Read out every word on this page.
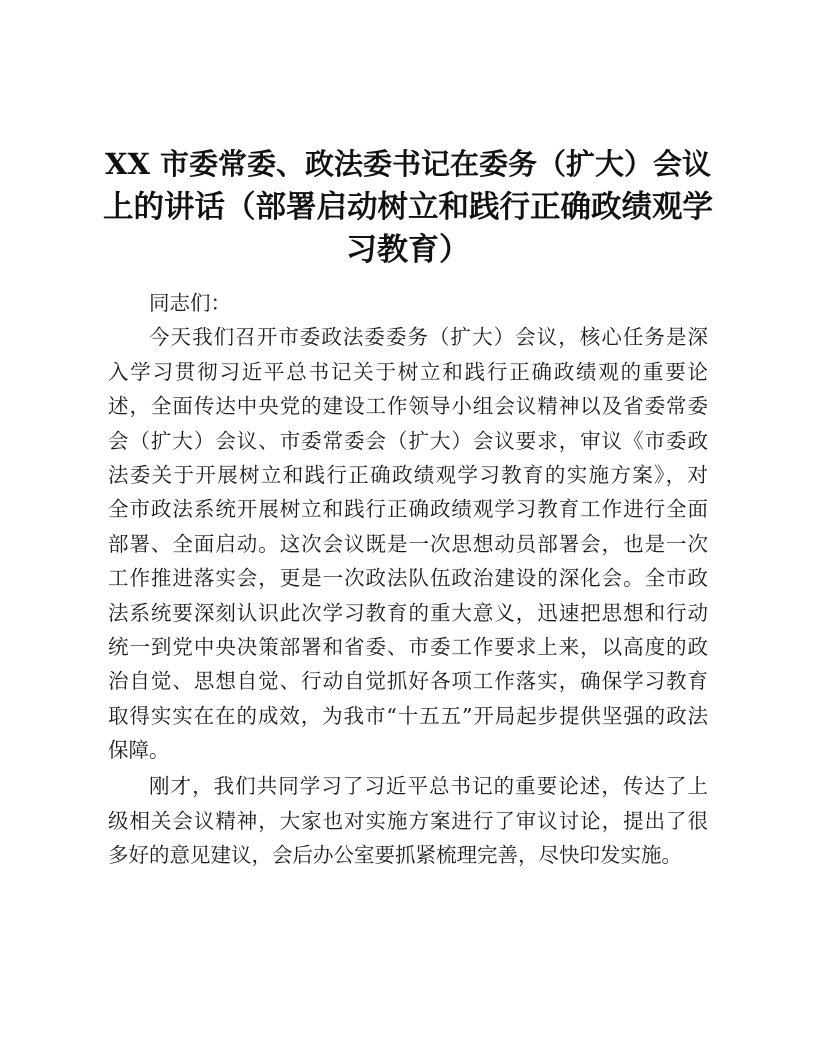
XX 市委常委、政法委书记在委务（扩大）会议
上的讲话（部署启动树立和践行正确政绩观学
习教育）
同志们：
今天我们召开市委政法委委务（扩大）会议，核心任务是深
入学习贯彻习近平总书记关于树立和践行正确政绩观的重要论
述，全面传达中央党的建设工作领导小组会议精神以及省委常委
会（扩大）会议、市委常委会（扩大）会议要求，审议《市委政
法委关于开展树立和践行正确政绩观学习教育的实施方案》，对
全市政法系统开展树立和践行正确政绩观学习教育工作进行全面
部署、全面启动。这次会议既是一次思想动员部署会，也是一次
工作推进落实会，更是一次政法队伍政治建设的深化会。全市政
法系统要深刻认识此次学习教育的重大意义，迅速把思想和行动
统一到党中央决策部署和省委、市委工作要求上来，以高度的政
治自觉、思想自觉、行动自觉抓好各项工作落实，确保学习教育
取得实实在在的成效，为我市“十五五”开局起步提供坚强的政法
保障。
刚才，我们共同学习了习近平总书记的重要论述，传达了上
级相关会议精神，大家也对实施方案进行了审议讨论，提出了很
多好的意见建议，会后办公室要抓紧梳理完善，尽快印发实施。
